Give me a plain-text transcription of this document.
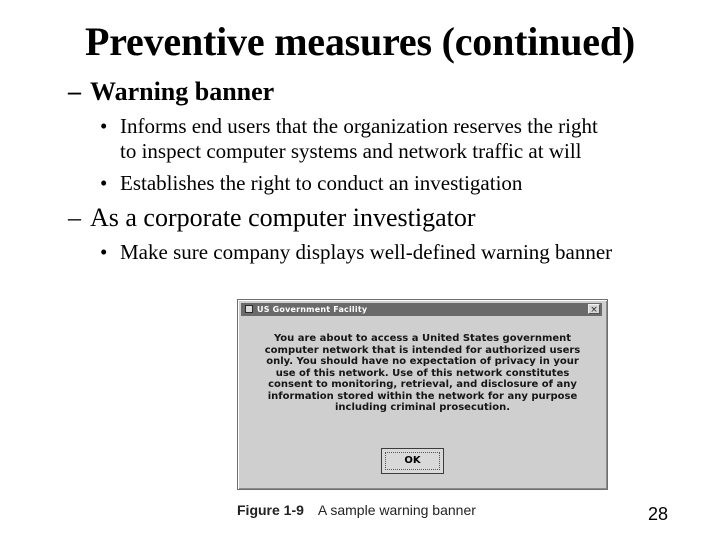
Preventive measures (continued)
– Warning banner
• Informs end users that the organization reserves the right
to inspect computer systems and network traffic at will
• Establishes the right to conduct an investigation
– As a corporate computer investigator
• Make sure company displays well-defined warning banner
US Government Facility	×
You are about to access a United States government
computer network that is intended for authorized users
only. You should have no expectation of privacy in your
use of this network. Use of this network constitutes
consent to monitoring, retrieval, and disclosure of any
information stored within the network for any purpose
including criminal prosecution.
OK
Figure 1-9 A sample warning banner	28
